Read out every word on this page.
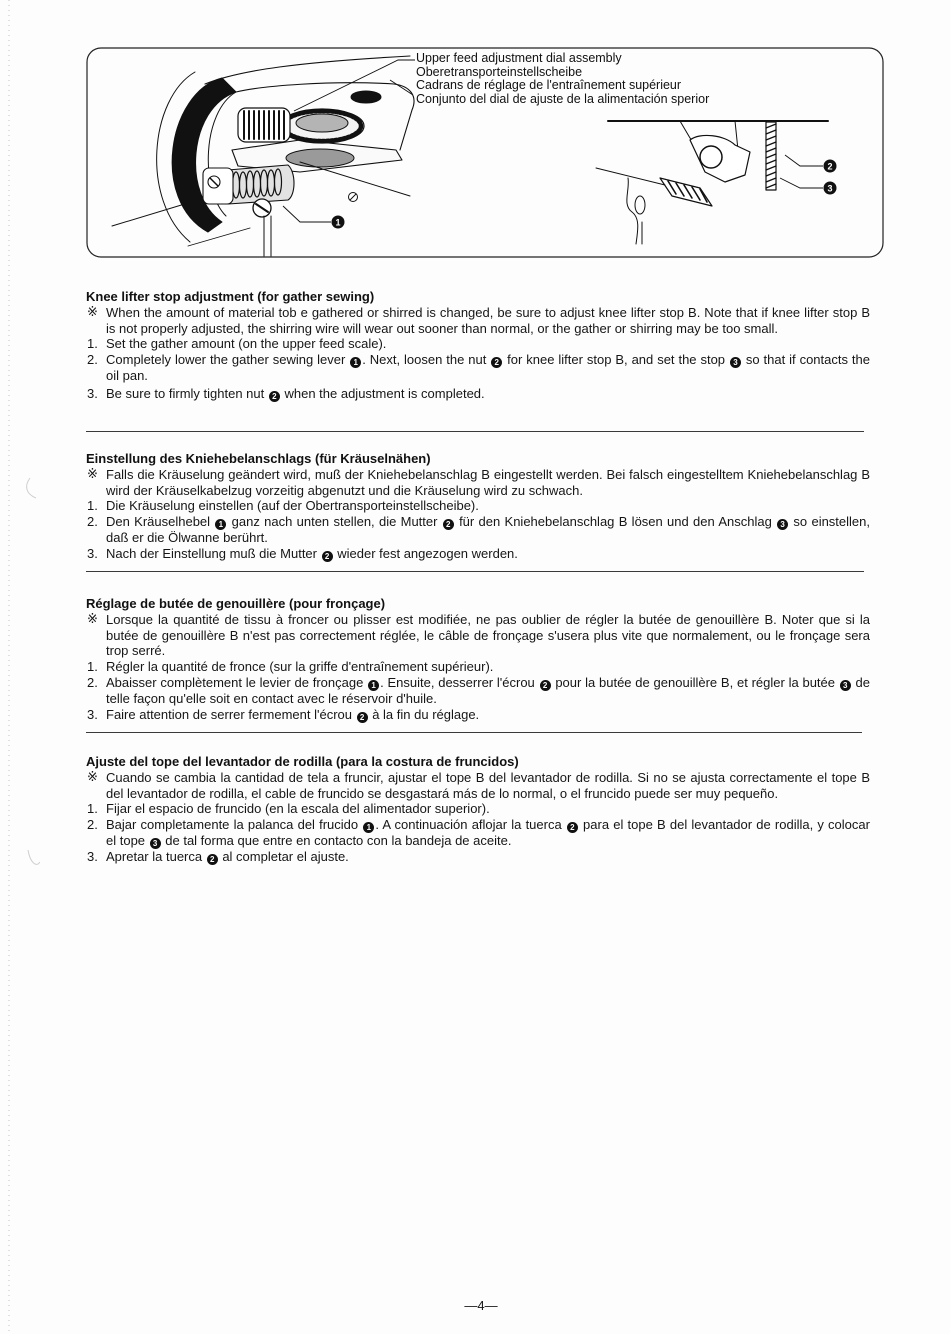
1
2
3
Upper feed adjustment dial assembly
Oberetransporteinstellscheibe
Cadrans de réglage de l'entraînement supérieur
Conjunto del dial de ajuste de la alimentación sperior
Knee lifter stop adjustment (for gather sewing)
※ When the amount of material tob e gathered or shirred is changed, be sure to adjust knee lifter stop B. Note that if knee lifter stop B is not properly adjusted, the shirring wire will wear out sooner than normal, or the gather or shirring may be too small.
1. Set the gather amount (on the upper feed scale).
2. Completely lower the gather sewing lever 1 . Next, loosen the nut 2 for knee lifter stop B, and set the stop 3 so that if contacts the oil pan.
3. Be sure to firmly tighten nut 2 when the adjustment is completed.
Einstellung des Kniehebelanschlags (für Kräuselnähen)
※ Falls die Kräuselung geändert wird, muß der Kniehebelanschlag B eingestellt werden. Bei falsch eingestelltem Kniehebelanschlag B wird der Kräuselkabelzug vorzeitig abgenutzt und die Kräuselung wird zu schwach.
1. Die Kräuselung einstellen (auf der Obertransporteinstellscheibe).
2. Den Kräuselhebel 1 ganz nach unten stellen, die Mutter 2 für den Kniehebelanschlag B lösen und den Anschlag 3 so einstellen, daß er die Ölwanne berührt.
3. Nach der Einstellung muß die Mutter 2 wieder fest angezogen werden.
Réglage de butée de genouillère (pour fronçage)
※ Lorsque la quantité de tissu à froncer ou plisser est modifiée, ne pas oublier de régler la butée de genouillère B. Noter que si la butée de genouillère B n'est pas correctement réglée, le câble de fronçage s'usera plus vite que normalement, ou le fronçage sera trop serré.
1. Régler la quantité de fronce (sur la griffe d'entraînement supérieur).
2. Abaisser complètement le levier de fronçage 1 . Ensuite, desserrer l'écrou 2 pour la butée de genouillère B, et régler la butée 3 de telle façon qu'elle soit en contact avec le réservoir d'huile.
3. Faire attention de serrer fermement l'écrou 2 à la fin du réglage.
Ajuste del tope del levantador de rodilla (para la costura de fruncidos)
※ Cuando se cambia la cantidad de tela a fruncir, ajustar el tope B del levantador de rodilla. Si no se ajusta correctamente el tope B del levantador de rodilla, el cable de fruncido se desgastará más de lo normal, o el fruncido puede ser muy pequeño.
1. Fijar el espacio de fruncido (en la escala del alimentador superior).
2. Bajar completamente la palanca del frucido 1 . A continuación aflojar la tuerca 2 para el tope B del levantador de rodilla, y colocar el tope 3 de tal forma que entre en contacto con la bandeja de aceite.
3. Apretar la tuerca 2 al completar el ajuste.
—4—
